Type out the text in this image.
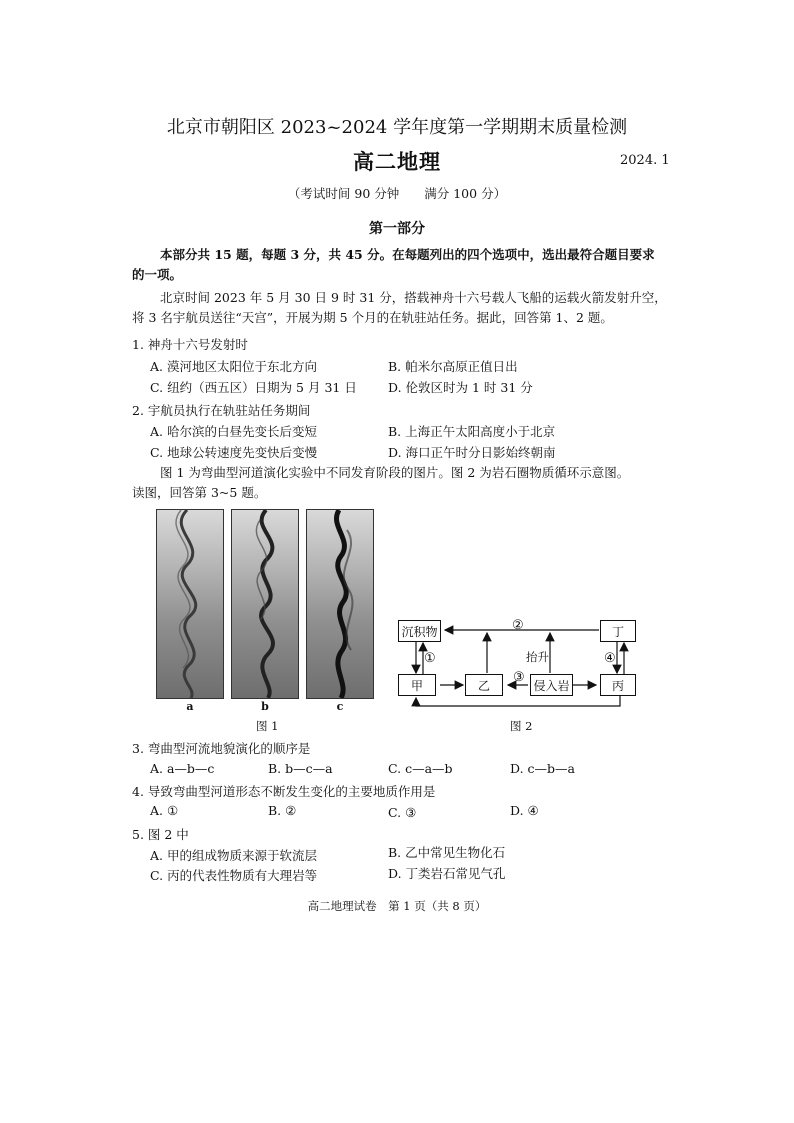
北京市朝阳区 2023~2024 学年度第一学期期末质量检测
高二地理	2024. 1
（考试时间 90 分钟　　满分 100 分）
第一部分
本部分共 15 题，每题 3 分，共 45 分。在每题列出的四个选项中，选出最符合题目要求
的一项。
北京时间 2023 年 5 月 30 日 9 时 31 分，搭载神舟十六号载人飞船的运载火箭发射升空，
将 3 名宇航员送往“天宫”，开展为期 5 个月的在轨驻站任务。据此，回答第 1、2 题。
1. 神舟十六号发射时
A. 漠河地区太阳位于东北方向	B. 帕米尔高原正值日出
C. 纽约（西五区）日期为 5 月 31 日 D. 伦敦区时为 1 时 31 分
2. 宇航员执行在轨驻站任务期间
A. 哈尔滨的白昼先变长后变短	B. 上海正午太阳高度小于北京
C. 地球公转速度先变快后变慢	D. 海口正午时分日影始终朝南
图 1 为弯曲型河道演化实验中不同发育阶段的图片。图 2 为岩石圈物质循环示意图。
读图，回答第 3~5 题。
a	b	c
图 1
沉积物	丁
甲	乙	侵入岩	丙
②
①	④
③
抬升
图 2
3. 弯曲型河流地貌演化的顺序是
A. a—b—c	B. b—c—a	C. c—a—b	D. c—b—a
4. 导致弯曲型河道形态不断发生变化的主要地质作用是
A. ①	B. ②	C. ③	D. ④
5. 图 2 中
A. 甲的组成物质来源于软流层	B. 乙中常见生物化石
C. 丙的代表性物质有大理岩等	D. 丁类岩石常见气孔
高二地理试卷　第 1 页（共 8 页）
